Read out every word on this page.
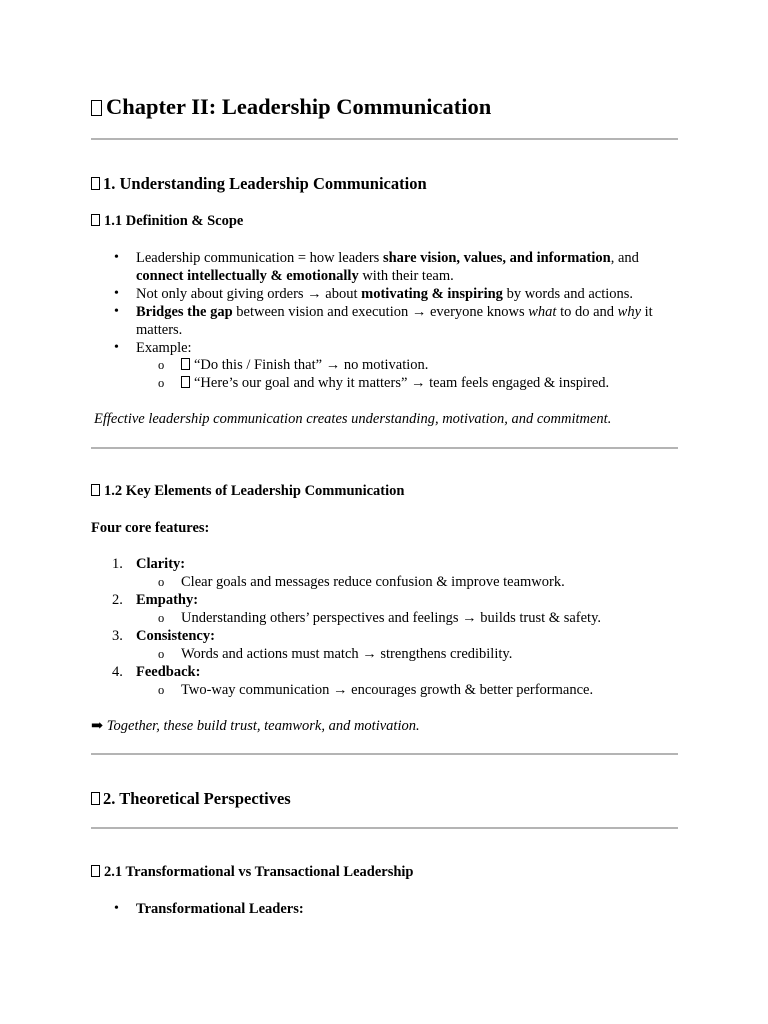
Chapter II: Leadership Communication
1. Understanding Leadership Communication
1.1 Definition & Scope
• Leadership communication = how leaders share vision, values, and information, and
connect intellectually & emotionally with their team.
• Not only about giving orders → about motivating & inspiring by words and actions.
• Bridges the gap between vision and execution → everyone knows what to do and why it
matters.
• Example:
o “Do this / Finish that” → no motivation.
o “Here’s our goal and why it matters” → team feels engaged & inspired.
Effective leadership communication creates understanding, motivation, and commitment.
1.2 Key Elements of Leadership Communication
Four core features:
1. Clarity:
o Clear goals and messages reduce confusion & improve teamwork.
2. Empathy:
o Understanding others’ perspectives and feelings → builds trust & safety.
3. Consistency:
o Words and actions must match → strengthens credibility.
4. Feedback:
o Two-way communication → encourages growth & better performance.
➡ Together, these build trust, teamwork, and motivation.
2. Theoretical Perspectives
2.1 Transformational vs Transactional Leadership
• Transformational Leaders:
